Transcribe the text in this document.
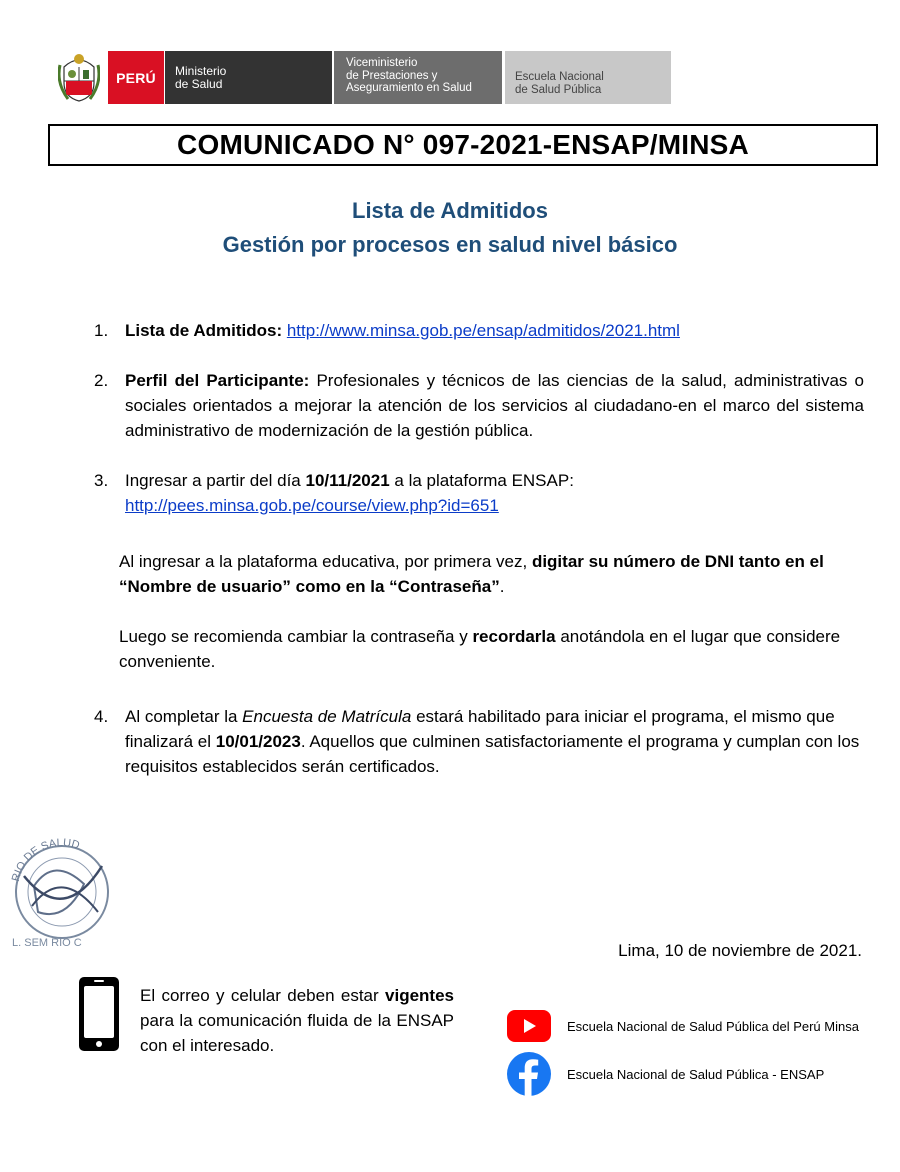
PERÚ	Ministerio
de Salud
Viceministerio
de Prestaciones y
Aseguramiento en Salud
Escuela Nacional
de Salud Pública
COMUNICADO N° 097-2021-ENSAP/MINSA
Lista de Admitidos
Gestión por procesos en salud nivel básico
1. Lista de Admitidos: http://www.minsa.gob.pe/ensap/admitidos/2021.html
2. Perfil del Participante: Profesionales y técnicos de las ciencias de la salud, administrativas o sociales orientados a mejorar la atención de los servicios al ciudadano-en el marco del sistema administrativo de modernización de la gestión pública.
3. Ingresar a partir del día 10/11/2021 a la plataforma ENSAP:
http://pees.minsa.gob.pe/course/view.php?id=651
Al ingresar a la plataforma educativa, por primera vez, digitar su número de DNI tanto en el “Nombre de usuario” como en la “Contraseña”.
Luego se recomienda cambiar la contraseña y recordarla anotándola en el lugar que considere conveniente.
4. Al completar la Encuesta de Matrícula estará habilitado para iniciar el programa, el mismo que finalizará el 10/01/2023. Aquellos que culminen satisfactoriamente el programa y cumplan con los requisitos establecidos serán certificados.
RIO DE SALUD
L. SEM RIO C	Lima, 10 de noviembre de 2021.
El correo y celular deben estar vigentes para la comunicación fluida de la ENSAP con el interesado.
Escuela Nacional de Salud Pública del Perú Minsa
Escuela Nacional de Salud Pública - ENSAP
